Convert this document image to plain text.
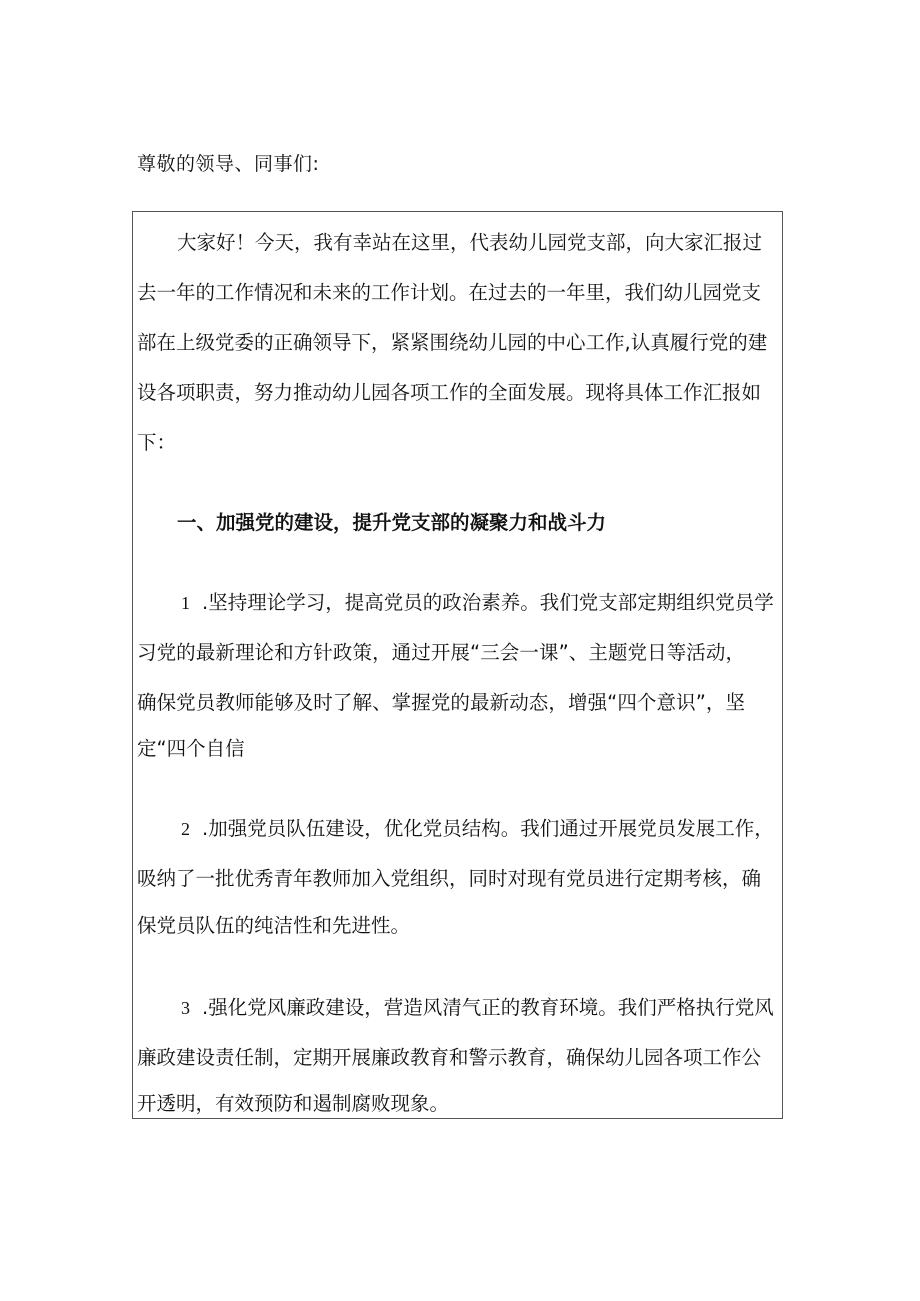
尊敬的领导、同事们:
大家好！今天，我有幸站在这里，代表幼儿园党支部，向大家汇报过
去一年的工作情况和未来的工作计划。在过去的一年里，我们幼儿园党支
部在上级党委的正确领导下，紧紧围绕幼儿园的中心工作,认真履行党的建
设各项职责，努力推动幼儿园各项工作的全面发展。现将具体工作汇报如
下：
一、加强党的建设，提升党支部的凝聚力和战斗力
1 .坚持理论学习，提高党员的政治素养。我们党支部定期组织党员学
习党的最新理论和方针政策，通过开展“三会一课”、主题党日等活动，
确保党员教师能够及时了解、掌握党的最新动态，增强“四个意识”，坚
定“四个自信
2 .加强党员队伍建设，优化党员结构。我们通过开展党员发展工作，
吸纳了一批优秀青年教师加入党组织，同时对现有党员进行定期考核，确
保党员队伍的纯洁性和先进性。
3 .强化党风廉政建设，营造风清气正的教育环境。我们严格执行党风
廉政建设责任制，定期开展廉政教育和警示教育，确保幼儿园各项工作公
开透明，有效预防和遏制腐败现象。
